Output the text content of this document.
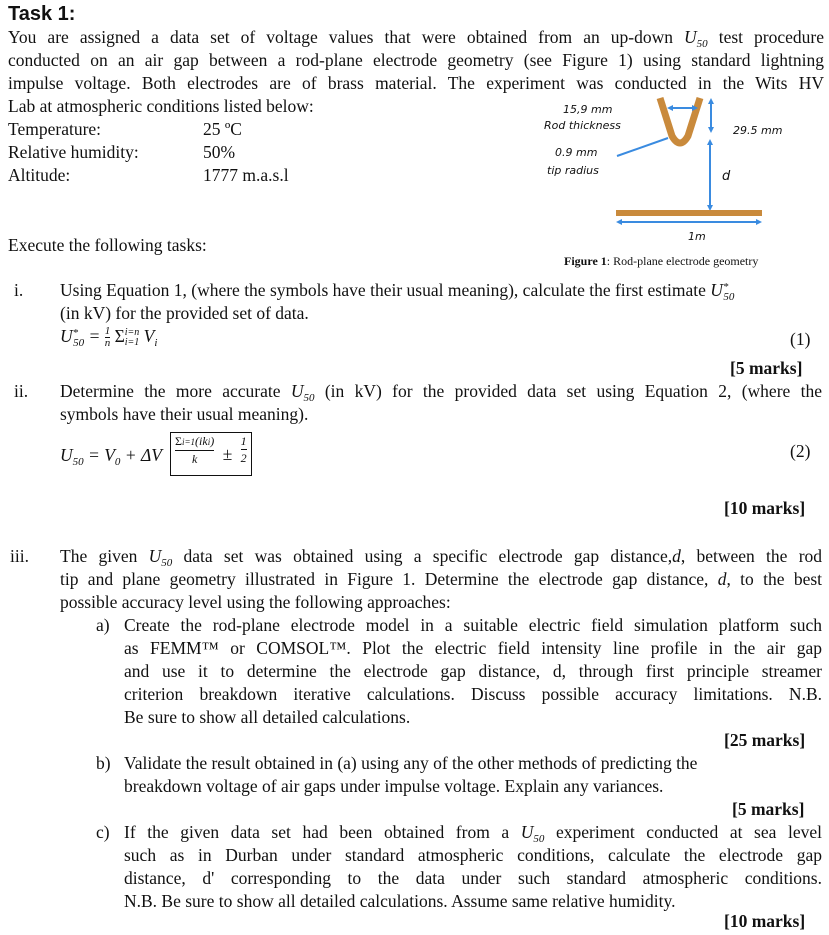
Task 1:
You are assigned a data set of voltage values that were obtained from an up-down $U_{50}$ test procedure
conducted on an air gap between a rod-plane electrode geometry (see Figure 1) using standard lightning
impulse voltage. Both electrodes are of brass material. The experiment was conducted in the Wits HV
Lab at atmospheric conditions listed below:
Temperature:	25 ºC
Relative humidity:	50%
Altitude:	1777 m.a.s.l
15,9 mm
Rod thickness	29.5 mm
0.9 mm
tip radius	d
1m
Figure 1: Rod-plane electrode geometry
Execute the following tasks:
i. Using Equation 1, (where the symbols have their usual meaning), calculate the first estimate $U^*_{50}$
(in kV) for the provided set of data.
$U^*_{50} = 1$
n Σi=n
i=1 $V_i$	(1)
[5 marks]
ii. Determine the more accurate $U_{50}$ (in kV) for the provided data set using Equation 2, (where the
symbols have their usual meaning).
$U_{50} = V_0 + \Delta V$
Σi=1(iki)
k ±
1
2	(2)
[10 marks]
iii. The given $U_{50}$ data set was obtained using a specific electrode gap distance,d, between the rod
tip and plane geometry illustrated in Figure 1. Determine the electrode gap distance, d, to the best
possible accuracy level using the following approaches:
a) Create the rod-plane electrode model in a suitable electric field simulation platform such
as FEMM™ or COMSOL™. Plot the electric field intensity line profile in the air gap
and use it to determine the electrode gap distance, d, through first principle streamer
criterion breakdown iterative calculations. Discuss possible accuracy limitations. N.B.
Be sure to show all detailed calculations.
[25 marks]
b) Validate the result obtained in (a) using any of the other methods of predicting the
breakdown voltage of air gaps under impulse voltage. Explain any variances.
[5 marks]
c) If the given data set had been obtained from a $U_{50}$ experiment conducted at sea level
such as in Durban under standard atmospheric conditions, calculate the electrode gap
distance, d' corresponding to the data under such standard atmospheric conditions.
N.B. Be sure to show all detailed calculations. Assume same relative humidity.
[10 marks]
